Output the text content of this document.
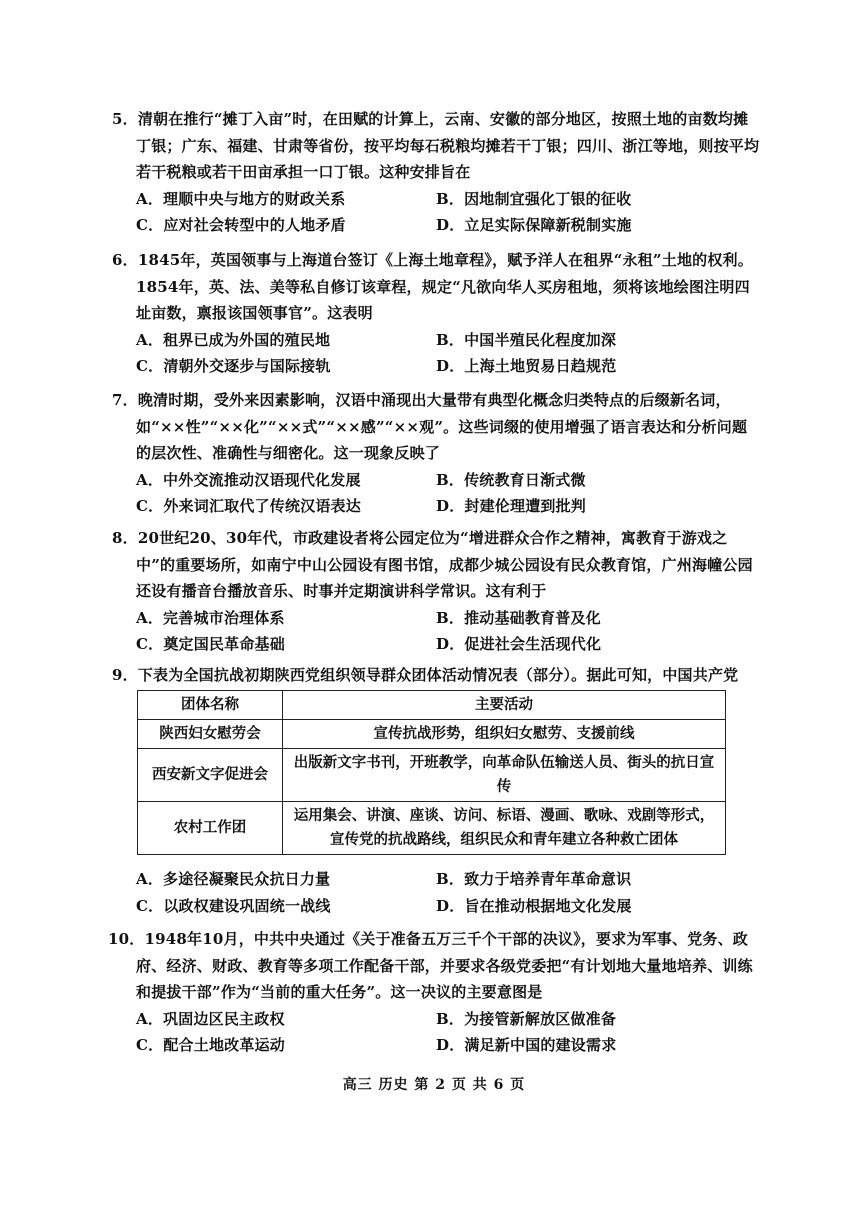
5．清朝在推行“摊丁入亩”时，在田赋的计算上，云南、安徽的部分地区，按照土地的亩数均摊丁银；广东、福建、甘肃等省份，按平均每石税粮均摊若干丁银；四川、浙江等地，则按平均若干税粮或若干田亩承担一口丁银。这种安排旨在

A．理顺中央与地方的财政关系	B．因地制宜强化丁银的征收
C．应对社会转型中的人地矛盾	D．立足实际保障新税制实施

6．1845年，英国领事与上海道台签订《上海土地章程》，赋予洋人在租界“永租”土地的权利。1854年，英、法、美等私自修订该章程，规定“凡欲向华人买房租地，须将该地绘图注明四址亩数，禀报该国领事官”。这表明

A．租界已成为外国的殖民地	B．中国半殖民化程度加深
C．清朝外交逐步与国际接轨	D．上海土地贸易日趋规范

7．晚清时期，受外来因素影响，汉语中涌现出大量带有典型化概念归类特点的后缀新名词，如“××性”“××化”“××式”“××感”“××观”。这些词缀的使用增强了语言表达和分析问题的层次性、准确性与细密化。这一现象反映了

A．中外交流推动汉语现代化发展	B．传统教育日渐式微
C．外来词汇取代了传统汉语表达	D．封建伦理遭到批判

8．20世纪20、30年代，市政建设者将公园定位为“增进群众合作之精神，寓教育于游戏之中”的重要场所，如南宁中山公园设有图书馆，成都少城公园设有民众教育馆，广州海幢公园还设有播音台播放音乐、时事并定期演讲科学常识。这有利于

A．完善城市治理体系	B．推动基础教育普及化
C．奠定国民革命基础	D．促进社会生活现代化

9．下表为全国抗战初期陕西党组织领导群众团体活动情况表（部分）。据此可知，中国共产党

团体名称	主要活动
陕西妇女慰劳会	宣传抗战形势，组织妇女慰劳、支援前线
西安新文字促进会	出版新文字书刊，开班教学，向革命队伍输送人员、街头的抗日宣传
农村工作团	运用集会、讲演、座谈、访问、标语、漫画、歌咏、戏剧等形式，宣传党的抗战路线，组织民众和青年建立各种救亡团体
A．多途径凝聚民众抗日力量	B．致力于培养青年革命意识
C．以政权建设巩固统一战线	D．旨在推动根据地文化发展

10．1948年10月，中共中央通过《关于准备五万三千个干部的决议》，要求为军事、党务、政府、经济、财政、教育等多项工作配备干部，并要求各级党委把“有计划地大量地培养、训练和提拔干部”作为“当前的重大任务”。这一决议的主要意图是

A．巩固边区民主政权	B．为接管新解放区做准备
C．配合土地改革运动	D．满足新中国的建设需求
高三 历史 第 2 页 共 6 页
